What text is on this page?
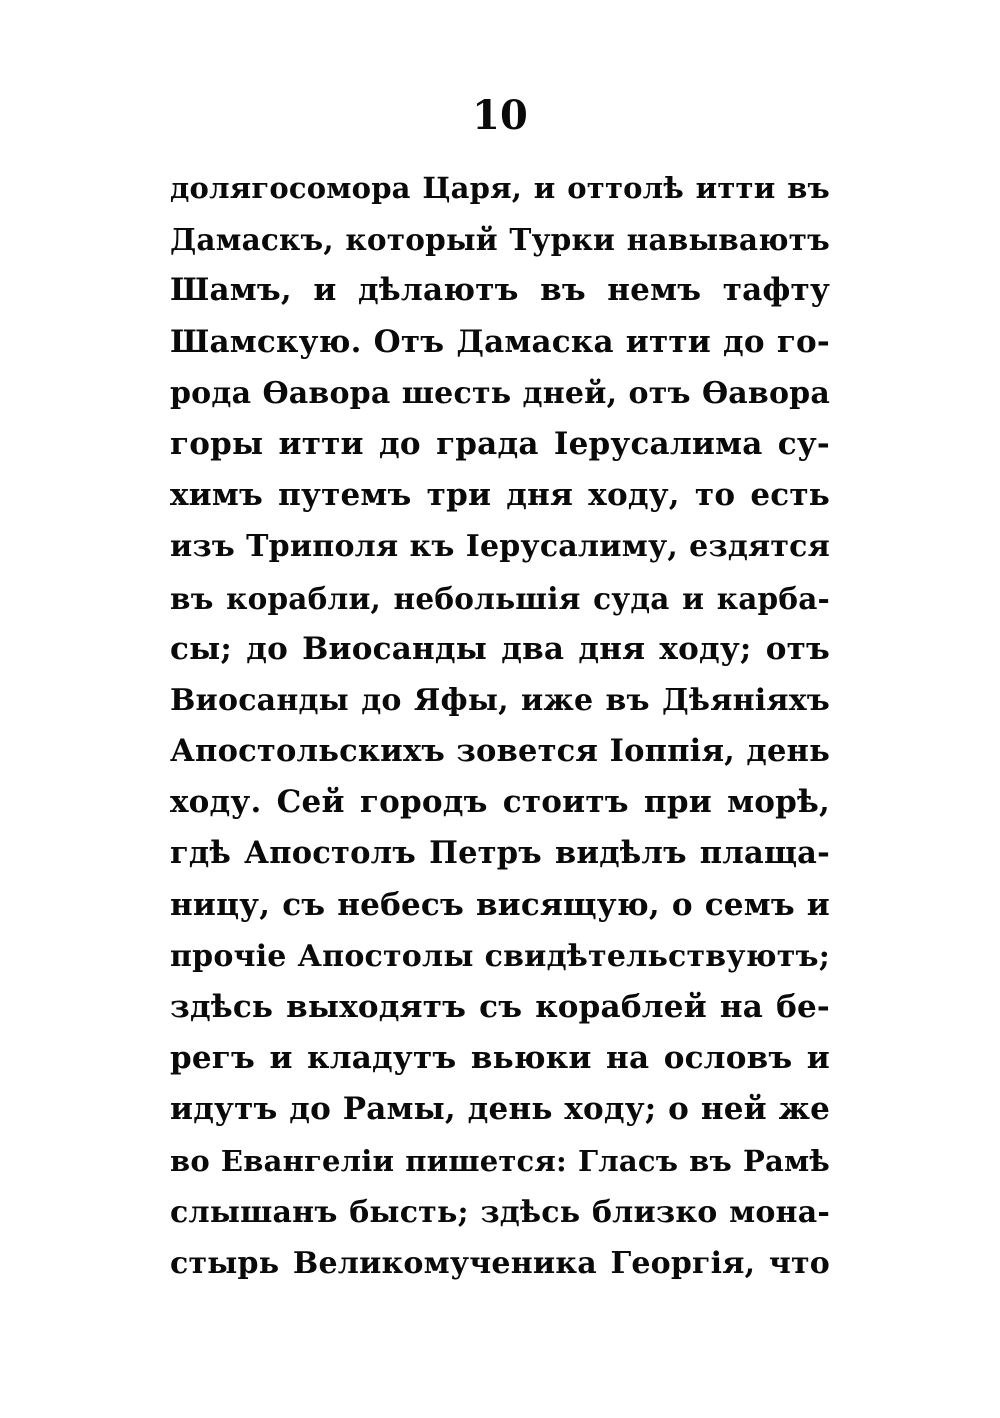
10
долягосомора Царя, и оттолѣ итти въ
Дамаскъ, который Турки навываютъ
Шамъ, и дѣлаютъ въ немъ тафту
Шамскую. Отъ Дамаска итти до го-
рода Өавора шесть дней, отъ Өавора
горы итти до града Іерусалима су-
химъ путемъ три дня ходу, то есть
изъ Триполя къ Іерусалиму, ездятся
въ корабли, небольшія суда и карба-
сы; до Виосанды два дня ходу; отъ
Виосанды до Яфы, иже въ Дѣяніяхъ
Апостольскихъ зовется Іоппія, день
ходу. Сей городъ стоитъ при морѣ,
гдѣ Апостолъ Петръ видѣлъ плаща-
ницу, съ небесъ висящую, о семъ и
прочіе Апостолы свидѣтельствуютъ;
здѣсь выходятъ съ кораблей на бе-
регъ и кладутъ вьюки на ословъ и
идутъ до Рамы, день ходу; о ней же
во Евангеліи пишется: Гласъ въ Рамѣ
слышанъ бысть; здѣсь близко мона-
стырь Великомученика Георгія, что
